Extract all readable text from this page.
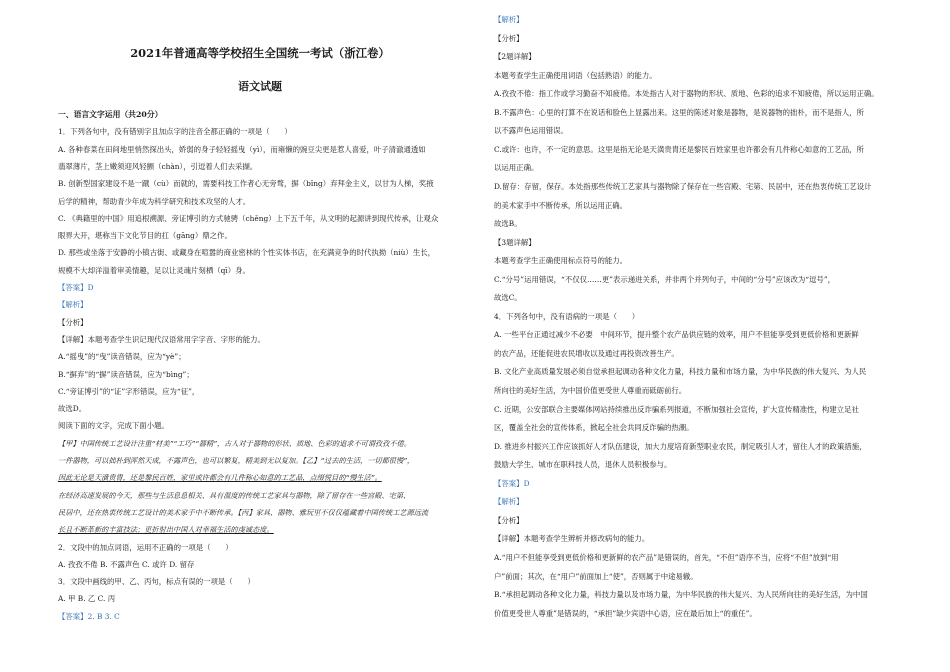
2021年普通高等学校招生全国统一考试（浙江卷）
语文试题
一、语言文字运用（共20分）
1．下列各句中，没有错别字且加点字的注音全都正确的一项是（　　）
A. 各种春菜在田间地里悄然探出头，娇弱的身子轻轻摇曳（yì），而雍懒的豌豆尖更是惹人喜爱，叶子清澈通透如
翡翠薄片，茎上嫩须迎风轻颤（chàn），引逗着人们去采撷。
B. 创新型国家建设不是一蹴（cù）而就的，需要科技工作者心无旁骛，摒（bǐng）弃拜金主义，以甘为人梯，奖掖
后学的精神，帮助青少年成为科学研究和技术攻坚的人才。
C. 《典籍里的中国》用追根溯源、旁证博引的方式驰骋（chěng）上下五千年，从文明的起源讲到现代传承，让观众
眼界大开，堪称当下文化节目的扛（gāng）鼎之作。
D. 那些或坐落于安静的小镇古街、或藏身在喧嚣的商业密林的个性实体书店，在充满竞争的时代执拗（niù）生长，
规模不大却洋溢着审美情趣，足以让灵魂片刻栖（qī）身。
【答案】D
【解析】
【分析】
【详解】本题考查学生识记现代汉语常用字字音、字形的能力。
A.“摇曳”的“曳”读音错误，应为“yè”；
B.“摒弃”的“摒”读音错误，应为“bìng”；
C.“旁证博引”的“证”字形错误，应为“征”，
故选D。
阅读下面的文字，完成下面小题。
【甲】中国传统工艺设计注重“材美”“工巧”“器精”，古人对于器物的形状、质地、色彩的追求不可谓孜孜不倦。
一件器物，可以拙朴到浑然天成，不露声色，也可以繁复，精美到无以复加。【乙】“过去的生活，一切都很慢”，
因此无论是天潢贵胄，还是黎民百姓，家里或许都会有几件称心如意的工艺品，点缀悦目的“慢生活”。
在经济高速发展的今天，那些与生活息息相关、具有温度的传统工艺家具与器物，除了留存在一些宫殿、宅第、
民居中，还在热衷传统工艺设计的美术家手中不断传承。【丙】家具、器物、雅玩里不仅仅蕴藏着中国传统工艺源远流
长且不断革新的丰富技法；更折射出中国人对幸福生活的虔诚态度。
2．文段中的加点词语，运用不正确的一项是（　　）
A. 孜孜不倦 B. 不露声色 C. 或许 D. 留存
3．文段中画线的甲、乙、丙句，标点有误的一项是（　　）
A. 甲 B. 乙 C. 丙
【答案】2. B 3. C
【解析】
【分析】
【2题详解】
本题考查学生正确使用词语（包括熟语）的能力。
A.孜孜不倦：指工作或学习勤奋不知疲倦。本处指古人对于器物的形状、质地、色彩的追求不知疲倦，所以运用正确。
B.不露声色：心里的打算不在说话和脸色上显露出来。这里的陈述对象是器物，是说器物的拙朴，而不是指人，所
以不露声色运用错误。
C.或许：也许，不一定的意思。这里是指无论是天潢贵胄还是黎民百姓家里也许都会有几件称心如意的工艺品，所
以运用正确。
D.留存：存留，保存。本处指那些传统工艺家具与器物除了保存在一些宫殿、宅第、民居中，还在热衷传统工艺设计
的美术家手中不断传承，所以运用正确。
故选B。
【3题详解】
本题考查学生正确使用标点符号的能力。
C.“分号”运用错误，“不仅仅……更”表示递进关系，并非两个并列句子，中间的“分号”应该改为“逗号”，
故选C。
4．下列各句中，没有语病的一项是（　　）
A. 一些平台正通过减少不必要　中间环节，提升整个农产品供应链的效率，用户不但能享受到更低价格和更新鲜
的农产品，还能促进农民增收以及通过再投资改善生产。
B. 文化产业高质量发展必须自觉承担起调动各种文化力量，科技力量和市场力量，为中华民族的伟大复兴、为人民
所向往的美好生活，为中国价值更受世人尊重而砥砺前行。
C. 近期，公安部联合主要媒体网站持续推出反诈骗系列报道，不断加强社会宣传，扩大宣传精准性，构建立足社
区，覆盖全社会的宣传体系，掀起全社会共同反诈骗的热潮。
D. 推进乡村振兴工作应该抓好人才队伍建设，加大力度培育新型职业农民，制定吸引人才，留住人才的政策措施，
鼓励大学生、城市在职科技人员，退休人员积极参与。
【答案】D
【解析】
【分析】
【详解】本题考查学生辨析并修改病句的能力。
A.“用户不但能享受到更低价格和更新鲜的农产品”是错误的，首先，“不但”语序不当，应将“不但”放到“用
户”前面；其次，在“用户”前面加上“使”，否则属于中途易辙。
B.“承担起调动各种文化力量，科技力量以及市场力量，为中华民族的伟大复兴、为人民所向往的美好生活，为中国
价值更受世人尊重”是错误的，“承担”缺少宾语中心语，应在最后加上“的重任”。
